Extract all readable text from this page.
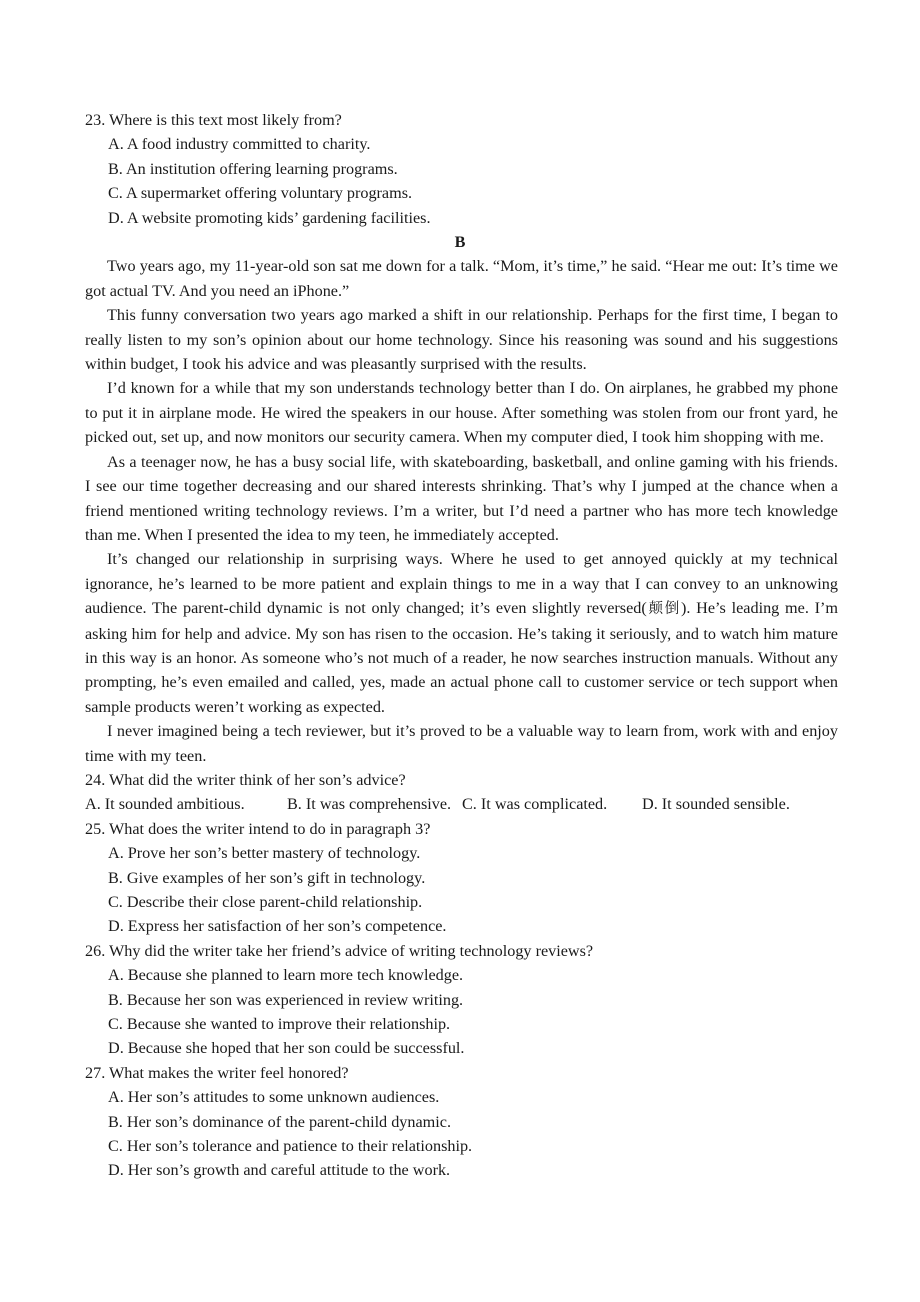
23. Where is this text most likely from?
A. A food industry committed to charity.
B. An institution offering learning programs.
C. A supermarket offering voluntary programs.
D. A website promoting kids’ gardening facilities.
B

Two years ago, my 11-year-old son sat me down for a talk. “Mom, it’s time,” he said. “Hear me out: It’s time we got actual TV. And you need an iPhone.”

This funny conversation two years ago marked a shift in our relationship. Perhaps for the first time, I began to really listen to my son’s opinion about our home technology. Since his reasoning was sound and his suggestions within budget, I took his advice and was pleasantly surprised with the results.

I’d known for a while that my son understands technology better than I do. On airplanes, he grabbed my phone to put it in airplane mode. He wired the speakers in our house. After something was stolen from our front yard, he picked out, set up, and now monitors our security camera. When my computer died, I took him shopping with me.

As a teenager now, he has a busy social life, with skateboarding, basketball, and online gaming with his friends. I see our time together decreasing and our shared interests shrinking. That’s why I jumped at the chance when a friend mentioned writing technology reviews. I’m a writer, but I’d need a partner who has more tech knowledge than me. When I presented the idea to my teen, he immediately accepted.

It’s changed our relationship in surprising ways. Where he used to get annoyed quickly at my technical ignorance, he’s learned to be more patient and explain things to me in a way that I can convey to an unknowing audience. The parent-child dynamic is not only changed; it’s even slightly reversed(颠倒). He’s leading me. I’m asking him for help and advice. My son has risen to the occasion. He’s taking it seriously, and to watch him mature in this way is an honor. As someone who’s not much of a reader, he now searches instruction manuals. Without any prompting, he’s even emailed and called, yes, made an actual phone call to customer service or tech support when sample products weren’t working as expected.

I never imagined being a tech reviewer, but it’s proved to be a valuable way to learn from, work with and enjoy time with my teen.

24. What did the writer think of her son’s advice?
A. It sounded ambitious.	B. It was comprehensive. C. It was complicated. D. It sounded sensible.
25. What does the writer intend to do in paragraph 3?
A. Prove her son’s better mastery of technology.
B. Give examples of her son’s gift in technology.
C. Describe their close parent-child relationship.
D. Express her satisfaction of her son’s competence.
26. Why did the writer take her friend’s advice of writing technology reviews?
A. Because she planned to learn more tech knowledge.
B. Because her son was experienced in review writing.
C. Because she wanted to improve their relationship.
D. Because she hoped that her son could be successful.
27. What makes the writer feel honored?
A. Her son’s attitudes to some unknown audiences.
B. Her son’s dominance of the parent-child dynamic.
C. Her son’s tolerance and patience to their relationship.
D. Her son’s growth and careful attitude to the work.
